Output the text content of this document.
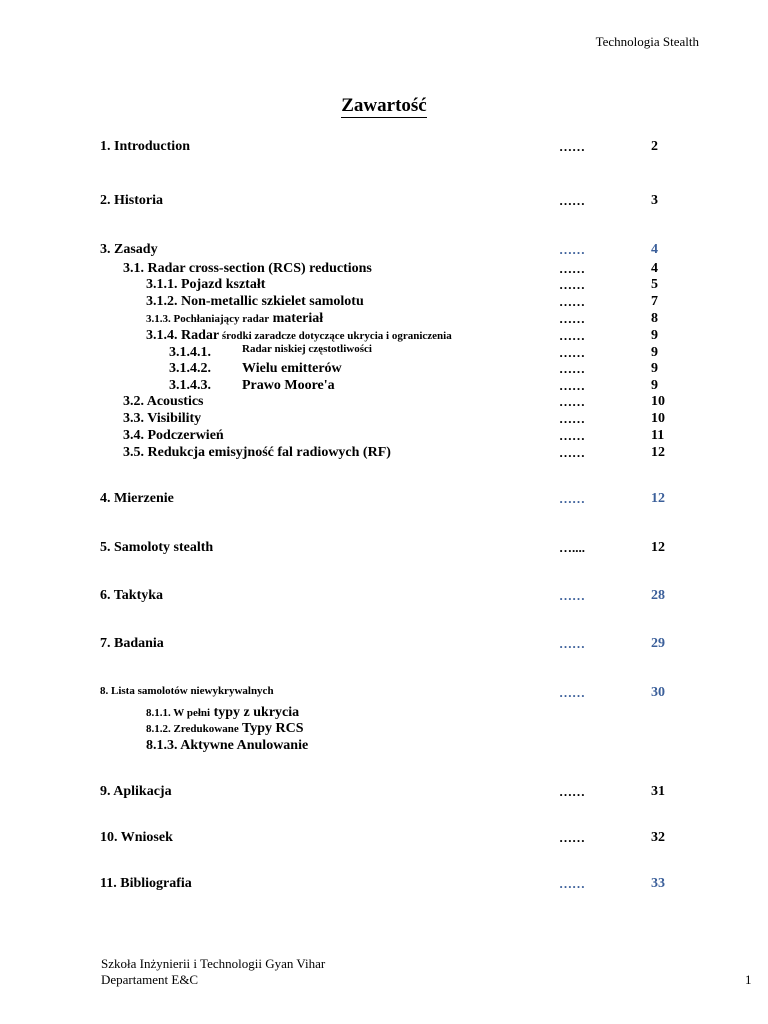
Technologia Stealth
Zawartość
1. Introduction	……	2
2. Historia	……	3
3. Zasady	……	4
3.1. Radar cross-section (RCS) reductions	……	4
3.1.1. Pojazd kształt	……	5
3.1.2. Non-metallic szkielet samolotu	……	7
3.1.3. Pochłaniający radar materiał	……	8
3.1.4. Radar środki zaradcze dotyczące ukrycia i ograniczenia	……	9
3.1.4.1.	Radar niskiej częstotliwości	……	9
3.1.4.2. Wielu emitterów	……	9
3.1.4.3. Prawo Moore'a	……	9
3.2. Acoustics	……	10
3.3. Visibility	……	10
3.4. Podczerwień	……	11
3.5. Redukcja emisyjność fal radiowych (RF)	……	12
4. Mierzenie	……	12
5. Samoloty stealth	…....	12
6. Taktyka	……	28
7. Badania	……	29
8. Lista samolotów niewykrywalnych	……	30
8.1.1. W pełni typy z ukrycia
8.1.2. Zredukowane Typy RCS
8.1.3. Aktywne Anulowanie
9. Aplikacja	……	31
10. Wniosek	……	32
11. Bibliografia	……	33
Szkoła Inżynierii i Technologii Gyan Vihar
Departament E&C	1
